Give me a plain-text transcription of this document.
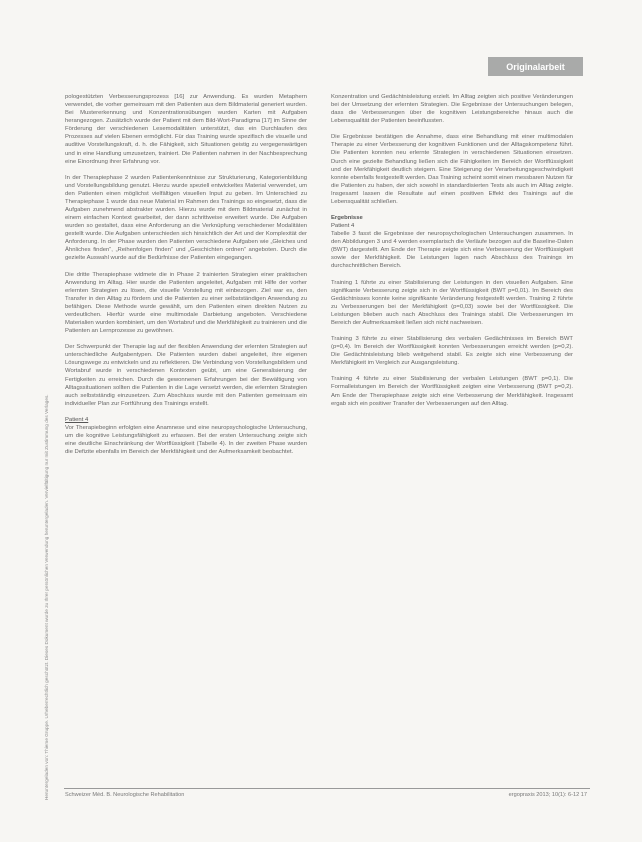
Originalarbeit
Heruntergeladen von: Thieme Gruppe. Urheberrechtlich geschützt. Dieses Dokument wurde zu Ihrer persönlichen Verwendung heruntergeladen. Vervielfältigung nur mit Zustimmung des Verlages.

pologestützten Verbesserungsprozess [16] zur Anwendung. Es wurden Metaphern verwendet, die vorher gemeinsam mit den Patienten aus dem Bildmaterial generiert wurden. Bei Mustererkennung und Konzentrationsübungen wurden Karten mit Aufgaben herangezogen. Zusätzlich wurde der Patient mit dem Bild-Wort-Paradigma [17] im Sinne der Förderung der verschiedenen Lesemodalitäten unterstützt, das ein Durchlaufen des Prozesses auf vielen Ebenen ermöglicht. Für das Training wurde spezifisch die visuelle und auditive Vorstellungskraft, d. h. die Fähigkeit, sich Situationen geistig zu vergegenwärtigen und in eine Handlung umzusetzen, trainiert. Die Patienten nahmen in der Nachbesprechung eine Einordnung ihrer Erfahrung vor.

In der Therapiephase 2 wurden Patientenkenntnisse zur Strukturierung, Kategorienbildung und Vorstellungsbildung genutzt. Hierzu wurde speziell entwickeltes Material verwendet, um den Patienten einen möglichst vielfältigen visuellen Input zu geben. Im Unterschied zu Therapiephase 1 wurde das neue Material im Rahmen des Trainings so eingesetzt, dass die Aufgaben zunehmend abstrakter wurden. Hierzu wurde mit dem Bildmaterial zunächst in einem einfachen Kontext gearbeitet, der dann schrittweise erweitert wurde. Die Aufgaben wurden so gestaltet, dass eine Anforderung an die Verknüpfung verschiedener Modalitäten gestellt wurde. Die Aufgaben unterschieden sich hinsichtlich der Art und der Komplexität der Anforderung. In der Phase wurden den Patienten verschiedene Aufgaben wie „Gleiches und Ähnliches finden“, „Reihenfolgen finden“ und „Geschichten ordnen“ angeboten. Durch die gezielte Auswahl wurde auf die Bedürfnisse der Patienten eingegangen.

Die dritte Therapiephase widmete die in Phase 2 trainierten Strategien einer praktischen Anwendung im Alltag. Hier wurde die Patienten angeleitet, Aufgaben mit Hilfe der vorher erlernten Strategien zu lösen, die visuelle Vorstellung mit einbezogen. Ziel war es, den Transfer in den Alltag zu fördern und die Patienten zu einer selbstständigen Anwendung zu befähigen. Diese Methode wurde gewählt, um den Patienten einen direkten Nutzen zu verdeutlichen. Hierfür wurde eine multimodale Darbietung angeboten. Verschiedene Materialien wurden kombiniert, um den Wortabruf und die Merkfähigkeit zu trainieren und die Patienten an Lernprozesse zu gewöhnen.

Der Schwerpunkt der Therapie lag auf der flexiblen Anwendung der erlernten Strategien auf unterschiedliche Aufgabentypen. Die Patienten wurden dabei angeleitet, ihre eigenen Lösungswege zu entwickeln und zu reflektieren. Die Verbindung von Vorstellungsbildern und Wortabruf wurde in verschiedenen Kontexten geübt, um eine Generalisierung der Fertigkeiten zu erreichen. Durch die gewonnenen Erfahrungen bei der Bewältigung von Alltagssituationen sollten die Patienten in die Lage versetzt werden, die erlernten Strategien auch selbstständig einzusetzen. Zum Abschluss wurde mit den Patienten gemeinsam ein individueller Plan zur Fortführung des Trainings erstellt.

Patient 4

Vor Therapiebeginn erfolgten eine Anamnese und eine neuropsychologische Untersuchung, um die kognitive Leistungsfähigkeit zu erfassen. Bei der ersten Untersuchung zeigte sich eine deutliche Einschränkung der Wortflüssigkeit (Tabelle 4). In der zweiten Phase wurden die Defizite ebenfalls im Bereich der Merkfähigkeit und der Aufmerksamkeit beobachtet.

Konzentration und Gedächtnisleistung erzielt. Im Alltag zeigten sich positive Veränderungen bei der Umsetzung der erlernten Strategien. Die Ergebnisse der Untersuchungen belegen, dass die Verbesserungen über die kognitiven Leistungsbereiche hinaus auch die Lebensqualität der Patienten beeinflussten.

Die Ergebnisse bestätigen die Annahme, dass eine Behandlung mit einer multimodalen Therapie zu einer Verbesserung der kognitiven Funktionen und der Alltagskompetenz führt. Die Patienten konnten neu erlernte Strategien in verschiedenen Situationen einsetzen. Durch eine gezielte Behandlung ließen sich die Fähigkeiten im Bereich der Wortflüssigkeit und der Merkfähigkeit deutlich steigern. Eine Steigerung der Verarbeitungsgeschwindigkeit konnte ebenfalls festgestellt werden. Das Training scheint somit einen messbaren Nutzen für die Patienten zu haben, der sich sowohl in standardisierten Tests als auch im Alltag zeigte. Insgesamt lassen die Resultate auf einen positiven Effekt des Trainings auf die Lebensqualität schließen.

Ergebnisse
Patient 4

Tabelle 3 fasst die Ergebnisse der neuropsychologischen Untersuchungen zusammen. In den Abbildungen 3 und 4 werden exemplarisch die Verläufe bezogen auf die Baseline-Daten (BWT) dargestellt. Am Ende der Therapie zeigte sich eine Verbesserung der Wortflüssigkeit sowie der Merkfähigkeit. Die Leistungen lagen nach Abschluss des Trainings im durchschnittlichen Bereich.

Training 1 führte zu einer Stabilisierung der Leistungen in den visuellen Aufgaben. Eine signifikante Verbesserung zeigte sich in der Wortflüssigkeit (BWT p=0,01). Im Bereich des Gedächtnisses konnte keine signifikante Veränderung festgestellt werden. Training 2 führte zu Verbesserungen bei der Merkfähigkeit (p=0,03) sowie bei der Wortflüssigkeit. Die Leistungen blieben auch nach Abschluss des Trainings stabil. Die Verbesserungen im Bereich der Aufmerksamkeit ließen sich nicht nachweisen.

Training 3 führte zu einer Stabilisierung des verbalen Gedächtnisses im Bereich BWT (p=0,4). Im Bereich der Wortflüssigkeit konnten Verbesserungen erreicht werden (p=0,2). Die Gedächtnisleistung blieb weitgehend stabil. Es zeigte sich eine Verbesserung der Merkfähigkeit im Vergleich zur Ausgangsleistung.

Training 4 führte zu einer Stabilisierung der verbalen Leistungen (BWT p=0,1). Die Formalleistungen im Bereich der Wortflüssigkeit zeigten eine Verbesserung (BWT p=0,2). Am Ende der Therapiephase zeigte sich eine Verbesserung der Merkfähigkeit. Insgesamt ergab sich ein positiver Transfer der Verbesserungen auf den Alltag.

Schweizer Méd. B. Neurologische Rehabilitation	ergopraxis 2013; 10(1): 6-12 17
